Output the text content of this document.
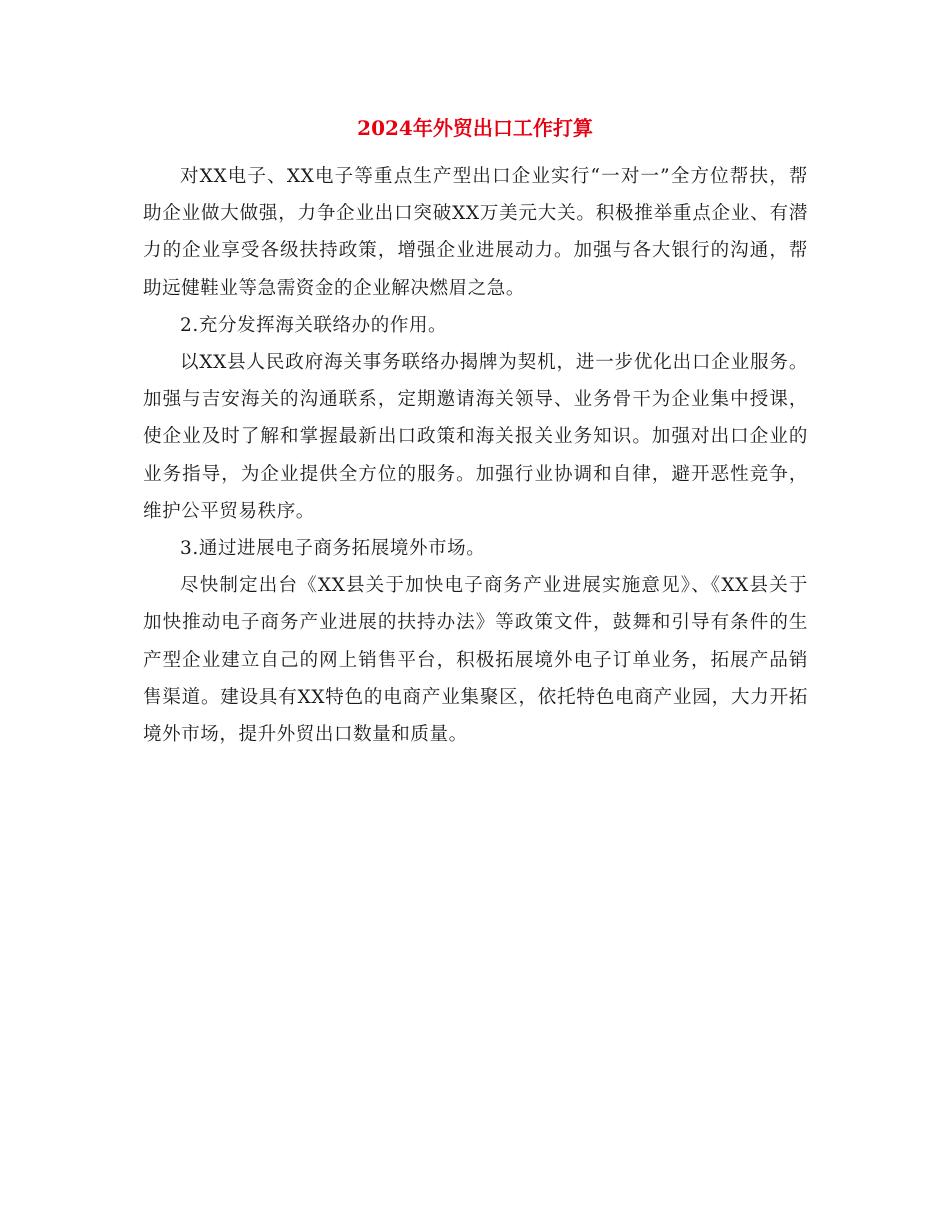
2024年外贸出口工作打算

对XX电子、XX电子等重点生产型出口企业实行“一对一”全方位帮扶，帮助企业做大做强，力争企业出口突破XX万美元大关。积极推举重点企业、有潜力的企业享受各级扶持政策，增强企业进展动力。加强与各大银行的沟通，帮助远健鞋业等急需资金的企业解决燃眉之急。

2.充分发挥海关联络办的作用。

以XX县人民政府海关事务联络办揭牌为契机，进一步优化出口企业服务。加强与吉安海关的沟通联系，定期邀请海关领导、业务骨干为企业集中授课，使企业及时了解和掌握最新出口政策和海关报关业务知识。加强对出口企业的业务指导，为企业提供全方位的服务。加强行业协调和自律，避开恶性竞争，维护公平贸易秩序。

3.通过进展电子商务拓展境外市场。

尽快制定出台《XX县关于加快电子商务产业进展实施意见》、《XX县关于加快推动电子商务产业进展的扶持办法》等政策文件，鼓舞和引导有条件的生产型企业建立自己的网上销售平台，积极拓展境外电子订单业务，拓展产品销售渠道。建设具有XX特色的电商产业集聚区，依托特色电商产业园，大力开拓境外市场，提升外贸出口数量和质量。
